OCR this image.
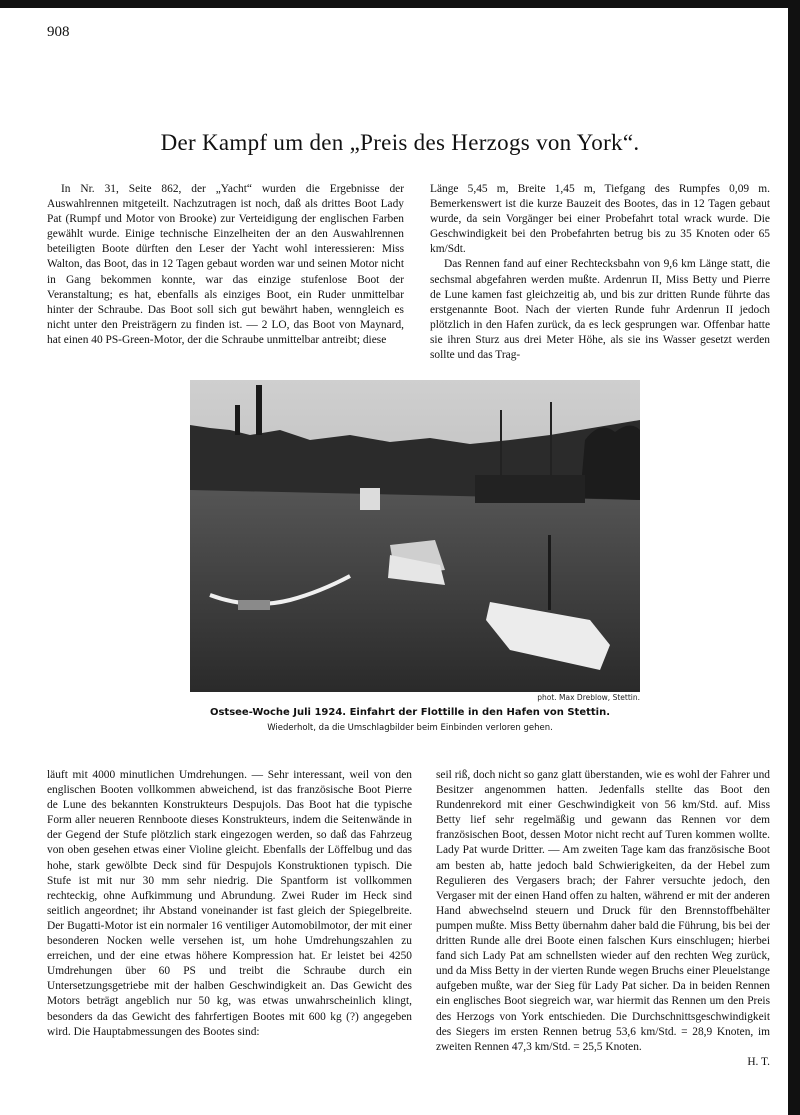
908
Der Kampf um den „Preis des Herzogs von York“.

In Nr. 31, Seite 862, der „Yacht“ wurden die Ergebnisse der Auswahlrennen mitgeteilt. Nachzutragen ist noch, daß als drittes Boot Lady Pat (Rumpf und Motor von Brooke) zur Verteidigung der englischen Farben gewählt wurde. Einige technische Einzelheiten der an den Auswahlrennen beteiligten Boote dürften den Leser der Yacht wohl interessieren: Miss Walton, das Boot, das in 12 Tagen gebaut worden war und seinen Motor nicht in Gang bekommen konnte, war das einzige stufenlose Boot der Veranstaltung; es hat, ebenfalls als einziges Boot, ein Ruder unmittelbar hinter der Schraube. Das Boot soll sich gut bewährt haben, wenngleich es nicht unter den Preisträgern zu finden ist. — 2 LO, das Boot von Maynard, hat einen 40 PS-Green-Motor, der die Schraube unmittelbar antreibt; diese

Länge 5,45 m, Breite 1,45 m, Tiefgang des Rumpfes 0,09 m. Bemerkenswert ist die kurze Bauzeit des Bootes, das in 12 Tagen gebaut wurde, da sein Vorgänger bei einer Probefahrt total wrack wurde. Die Geschwindigkeit bei den Probefahrten betrug bis zu 35 Knoten oder 65 km/Sdt.

Das Rennen fand auf einer Rechtecksbahn von 9,6 km Länge statt, die sechsmal abgefahren werden mußte. Ardenrun II, Miss Betty und Pierre de Lune kamen fast gleichzeitig ab, und bis zur dritten Runde führte das erstgenannte Boot. Nach der vierten Runde fuhr Ardenrun II jedoch plötzlich in den Hafen zurück, da es leck gesprungen war. Offenbar hatte sie ihren Sturz aus drei Meter Höhe, als sie ins Wasser gesetzt werden sollte und das Trag-

phot. Max Dreblow, Stettin.
Ostsee-Woche Juli 1924. Einfahrt der Flottille in den Hafen von Stettin.
Wiederholt, da die Umschlagbilder beim Einbinden verloren gehen.

läuft mit 4000 minutlichen Umdrehungen. — Sehr interessant, weil von den englischen Booten vollkommen abweichend, ist das französische Boot Pierre de Lune des bekannten Konstrukteurs Despujols. Das Boot hat die typische Form aller neueren Rennboote dieses Konstrukteurs, indem die Seitenwände in der Gegend der Stufe plötzlich stark eingezogen werden, so daß das Fahrzeug von oben gesehen etwas einer Violine gleicht. Ebenfalls der Löffelbug und das hohe, stark gewölbte Deck sind für Despujols Konstruktionen typisch. Die Stufe ist mit nur 30 mm sehr niedrig. Die Spantform ist vollkommen rechteckig, ohne Aufkimmung und Abrundung. Zwei Ruder im Heck sind seitlich angeordnet; ihr Abstand voneinander ist fast gleich der Spiegelbreite. Der Bugatti-Motor ist ein normaler 16 ventiliger Automobilmotor, der mit einer besonderen Nocken welle versehen ist, um hohe Umdrehungszahlen zu erreichen, und der eine etwas höhere Kompression hat. Er leistet bei 4250 Umdrehungen über 60 PS und treibt die Schraube durch ein Untersetzungsgetriebe mit der halben Geschwindigkeit an. Das Gewicht des Motors beträgt angeblich nur 50 kg, was etwas unwahrscheinlich klingt, besonders da das Gewicht des fahrfertigen Bootes mit 600 kg (?) angegeben wird. Die Hauptabmessungen des Bootes sind:

seil riß, doch nicht so ganz glatt überstanden, wie es wohl der Fahrer und Besitzer angenommen hatten. Jedenfalls stellte das Boot den Rundenrekord mit einer Geschwindigkeit von 56 km/Std. auf. Miss Betty lief sehr regelmäßig und gewann das Rennen vor dem französischen Boot, dessen Motor nicht recht auf Turen kommen wollte. Lady Pat wurde Dritter. — Am zweiten Tage kam das französische Boot am besten ab, hatte jedoch bald Schwierigkeiten, da der Hebel zum Regulieren des Vergasers brach; der Fahrer versuchte jedoch, den Vergaser mit der einen Hand offen zu halten, während er mit der anderen Hand abwechselnd steuern und Druck für den Brennstoffbehälter pumpen mußte. Miss Betty übernahm daher bald die Führung, bis bei der dritten Runde alle drei Boote einen falschen Kurs einschlugen; hierbei fand sich Lady Pat am schnellsten wieder auf den rechten Weg zurück, und da Miss Betty in der vierten Runde wegen Bruchs einer Pleuelstange aufgeben mußte, war der Sieg für Lady Pat sicher. Da in beiden Rennen ein englisches Boot siegreich war, war hiermit das Rennen um den Preis des Herzogs von York entschieden. Die Durchschnittsgeschwindigkeit des Siegers im ersten Rennen betrug 53,6 km/Std. = 28,9 Knoten, im zweiten Rennen 47,3 km/Std. = 25,5 Knoten.

H. T.
